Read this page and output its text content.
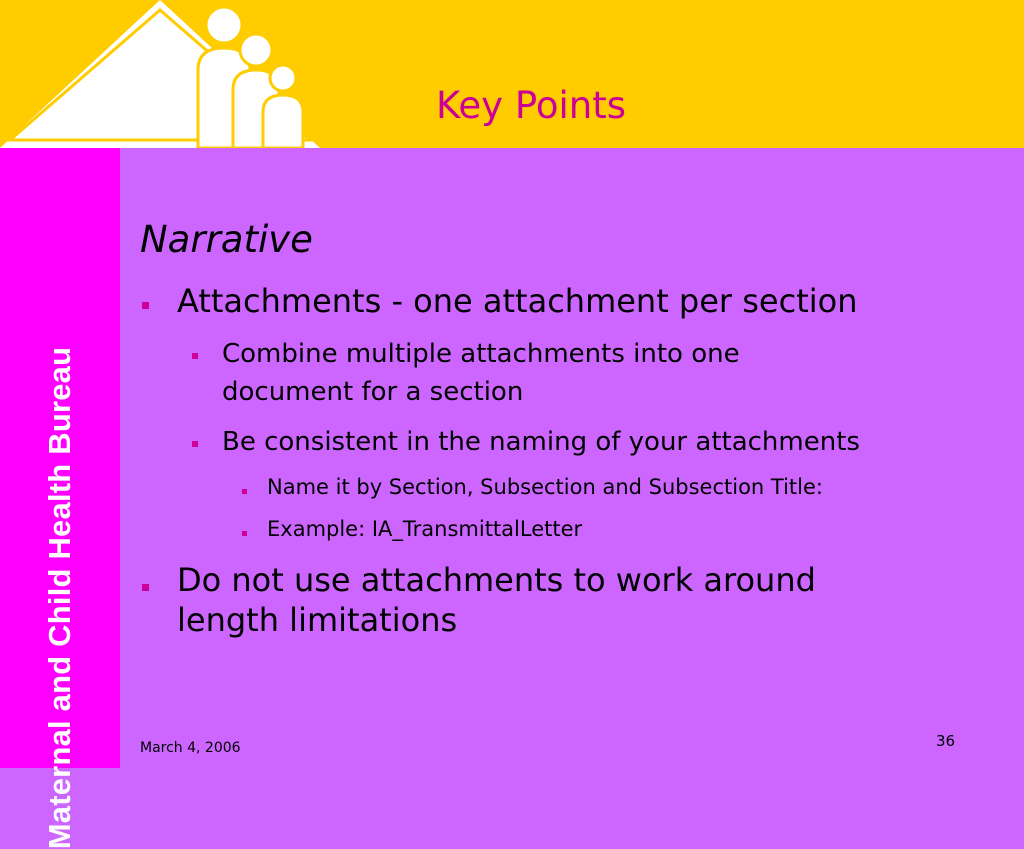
Key Points
Maternal and Child Health Bureau
Narrative
Attachments - one attachment per section
Combine multiple attachments into one document for a section
Be consistent in the naming of your attachments
Name it by Section, Subsection and Subsection Title:
Example: IA_TransmittalLetter
Do not use attachments to work around length limitations
March 4, 2006	36
